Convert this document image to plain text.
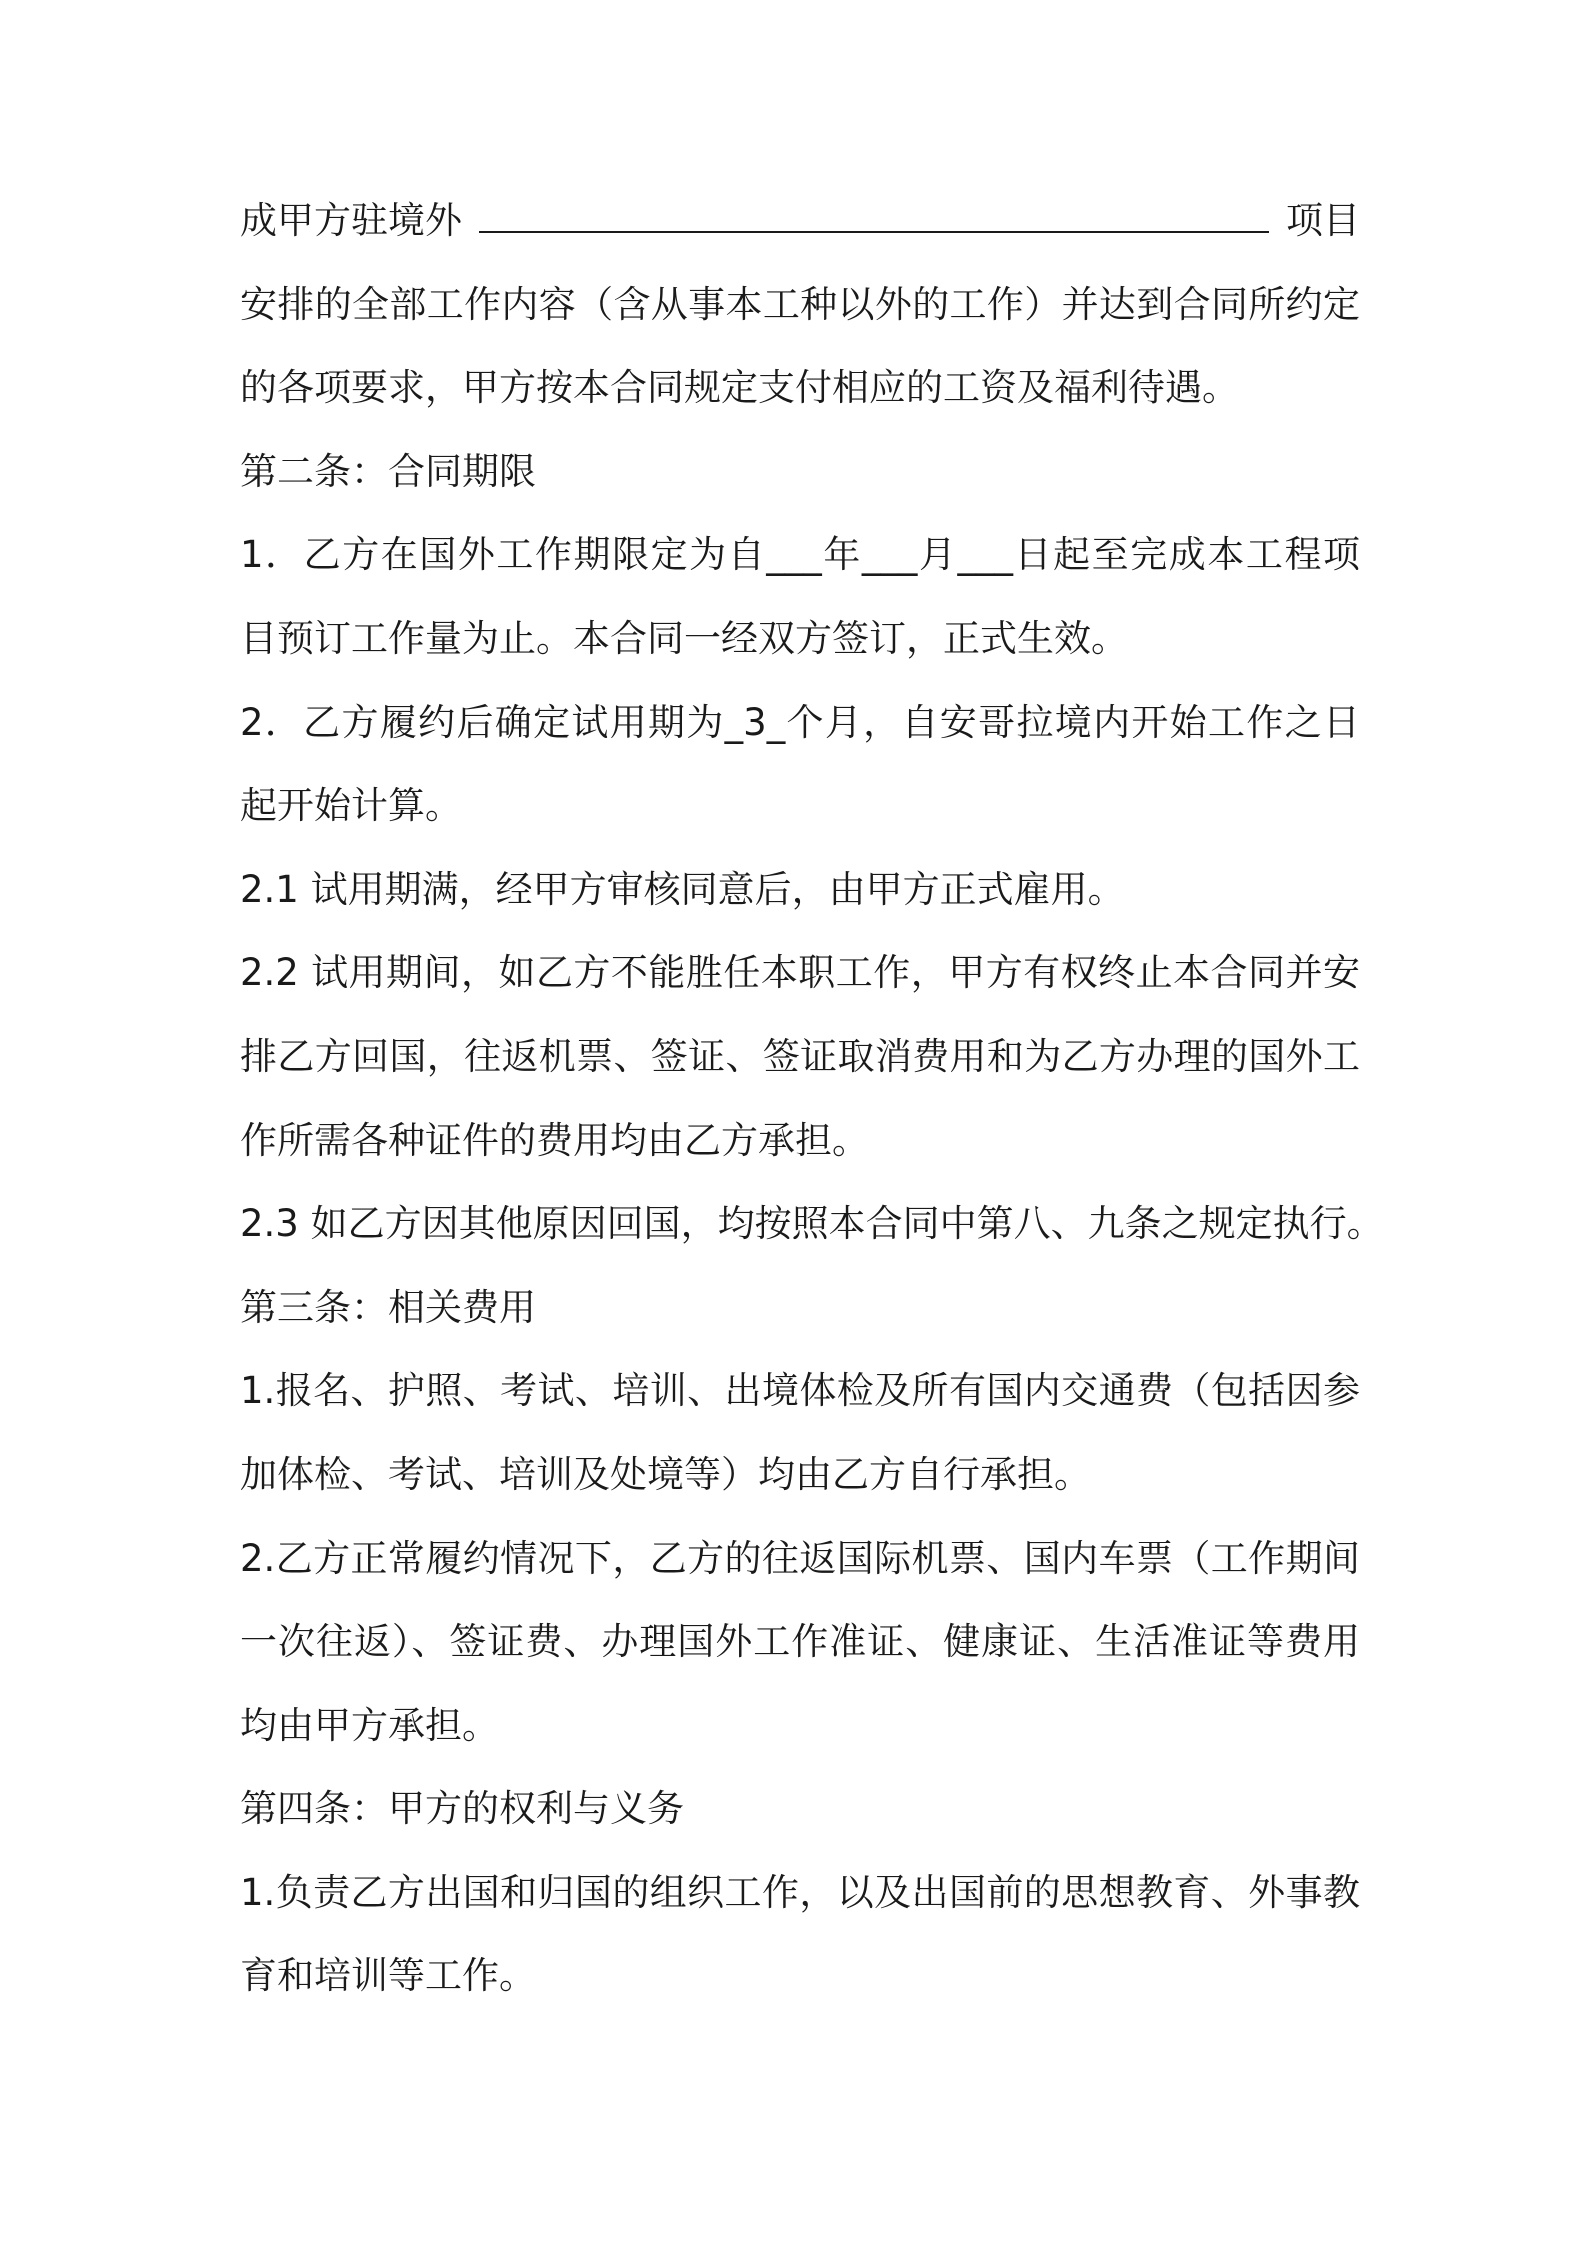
成甲方驻境外	项目
安排的全部工作内容（含从事本工种以外的工作）并达到合同所约定
的各项要求，甲方按本合同规定支付相应的工资及福利待遇。
第二条：合同期限
1．乙方在国外工作期限定为自___年___月___日起至完成本工程项
目预订工作量为止。本合同一经双方签订，正式生效。
2．乙方履约后确定试用期为_3_个月，自安哥拉境内开始工作之日
起开始计算。
2.1 试用期满，经甲方审核同意后，由甲方正式雇用。
2.2 试用期间，如乙方不能胜任本职工作，甲方有权终止本合同并安
排乙方回国，往返机票、签证、签证取消费用和为乙方办理的国外工
作所需各种证件的费用均由乙方承担。
2.3 如乙方因其他原因回国，均按照本合同中第八、九条之规定执行。
第三条：相关费用
1.报名、护照、考试、培训、出境体检及所有国内交通费（包括因参
加体检、考试、培训及处境等）均由乙方自行承担。
2.乙方正常履约情况下，乙方的往返国际机票、国内车票（工作期间
一次往返）、签证费、办理国外工作准证、健康证、生活准证等费用
均由甲方承担。
第四条：甲方的权利与义务
1.负责乙方出国和归国的组织工作，以及出国前的思想教育、外事教
育和培训等工作。
